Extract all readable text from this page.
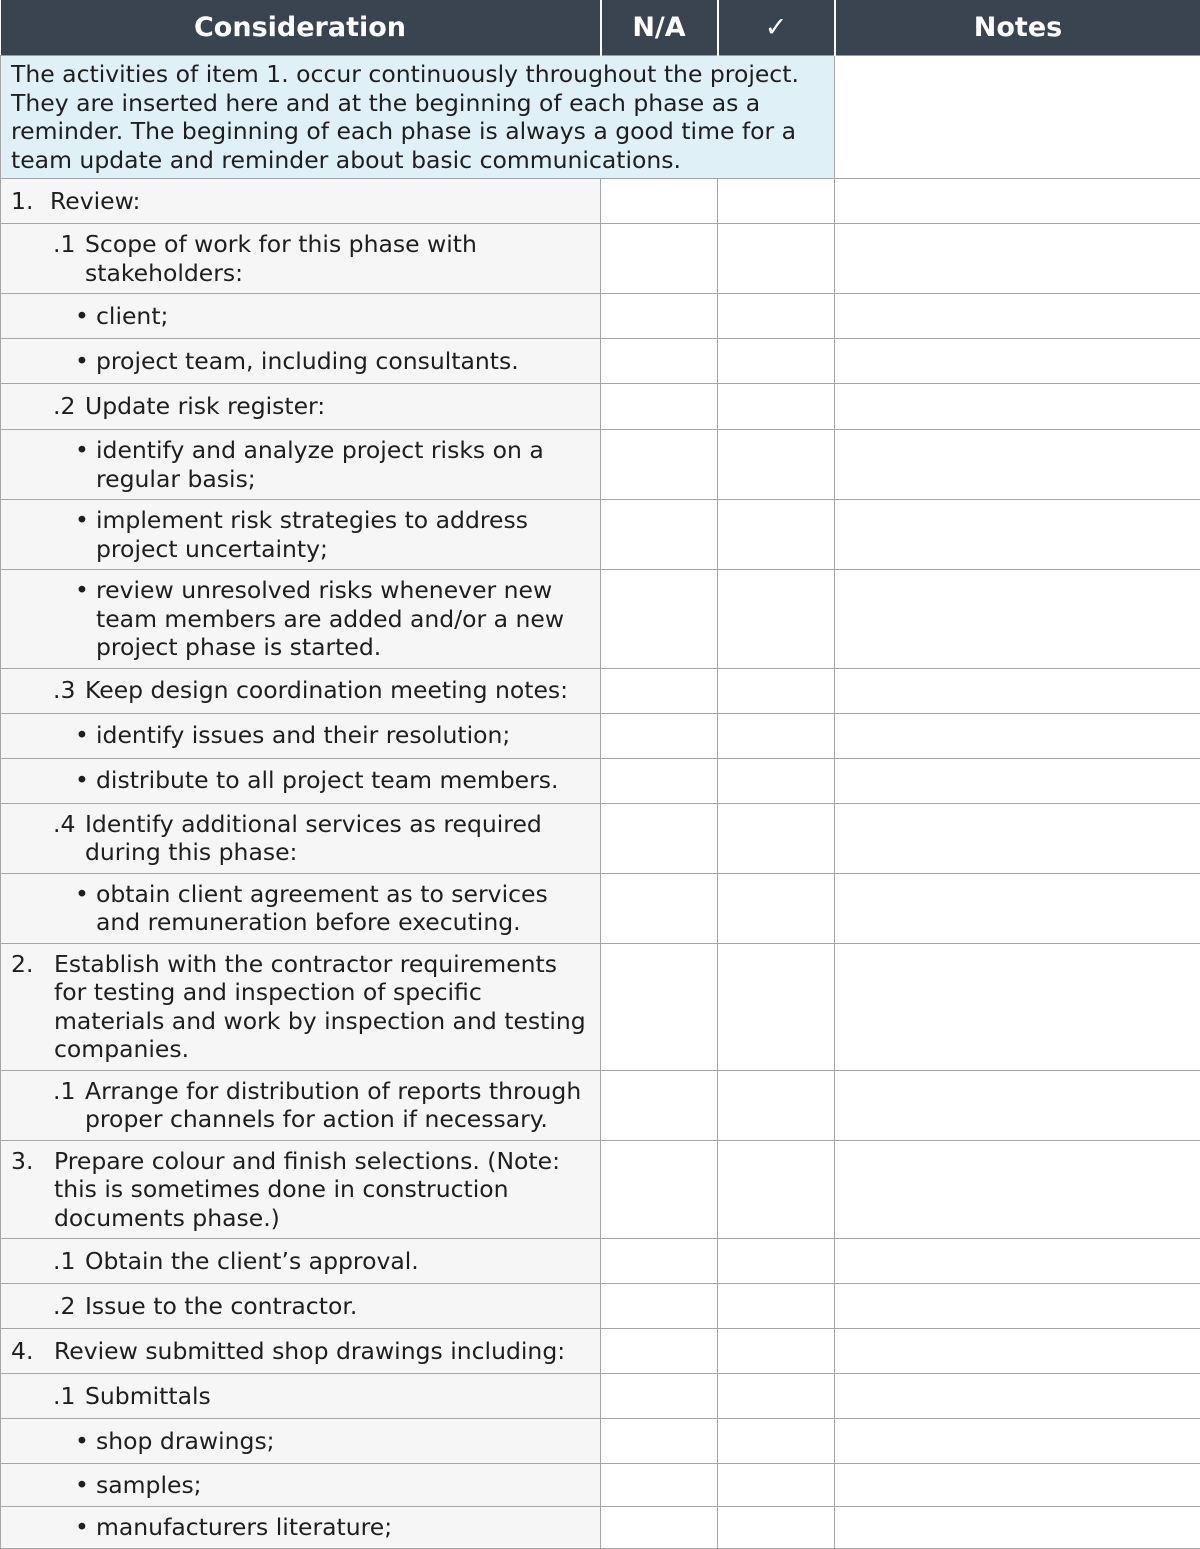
Consideration	N/A	✓	Notes
The activities of item 1. occur continuously throughout the project. They are inserted here and at the beginning of each phase as a reminder. The beginning of each phase is always a good time for a team update and reminder about basic communications.			

1. Review:			

.1 Scope of work for this phase with stakeholders:			

• client;			

• project team, including consultants.			

.2 Update risk register:			

• identify and analyze project risks on a regular basis;			

• implement risk strategies to address project uncertainty;			

• review unresolved risks whenever new team members are added and/or a new project phase is started.			

.3 Keep design coordination meeting notes:			

• identify issues and their resolution;			

• distribute to all project team members.			

.4 Identify additional services as required during this phase:			

• obtain client agreement as to services and remuneration before executing.			

2. Establish with the contractor requirements for testing and inspection of specific materials and work by inspection and testing companies.			

.1 Arrange for distribution of reports through proper channels for action if necessary.			

3. Prepare colour and finish selections. (Note: this is sometimes done in construction documents phase.)			

.1 Obtain the client’s approval.			

.2 Issue to the contractor.			

4. Review submitted shop drawings including:			

.1 Submittals			

• shop drawings;			

• samples;			

• manufacturers literature;			
